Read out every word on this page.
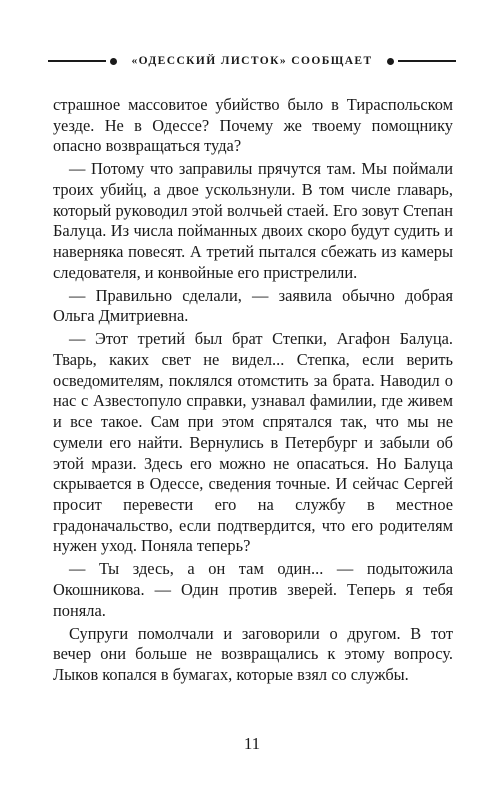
«ОДЕССКИЙ ЛИСТОК» СООБЩАЕТ

страшное массовитое убийство было в Тираспольском уезде. Не в Одессе? Почему же твоему помощнику опасно возвращаться туда?

— Потому что заправилы прячутся там. Мы поймали троих убийц, а двое ускользнули. В том числе главарь, который руководил этой волчьей стаей. Его зовут Степан Балуца. Из числа пойманных двоих скоро будут судить и наверняка повесят. А третий пытался сбежать из камеры следователя, и конвойные его пристрелили.

— Правильно сделали, — заявила обычно добрая Ольга Дмитриевна.

— Этот третий был брат Степки, Агафон Балуца. Тварь, каких свет не видел... Степка, если верить осведомителям, поклялся отомстить за брата. Наводил о нас с Азвестопуло справки, узнавал фамилии, где живем и все такое. Сам при этом спрятался так, что мы не сумели его найти. Вернулись в Петербург и забыли об этой мрази. Здесь его можно не опасаться. Но Балуца скрывается в Одессе, сведения точные. И сейчас Сергей просит перевести его на службу в местное градоначальство, если подтвердится, что его родителям нужен уход. Поняла теперь?

— Ты здесь, а он там один... — подытожила Окошникова. — Один против зверей. Теперь я тебя поняла.

Супруги помолчали и заговорили о другом. В тот вечер они больше не возвращались к этому вопросу. Лыков копался в бумагах, которые взял со службы.

11
